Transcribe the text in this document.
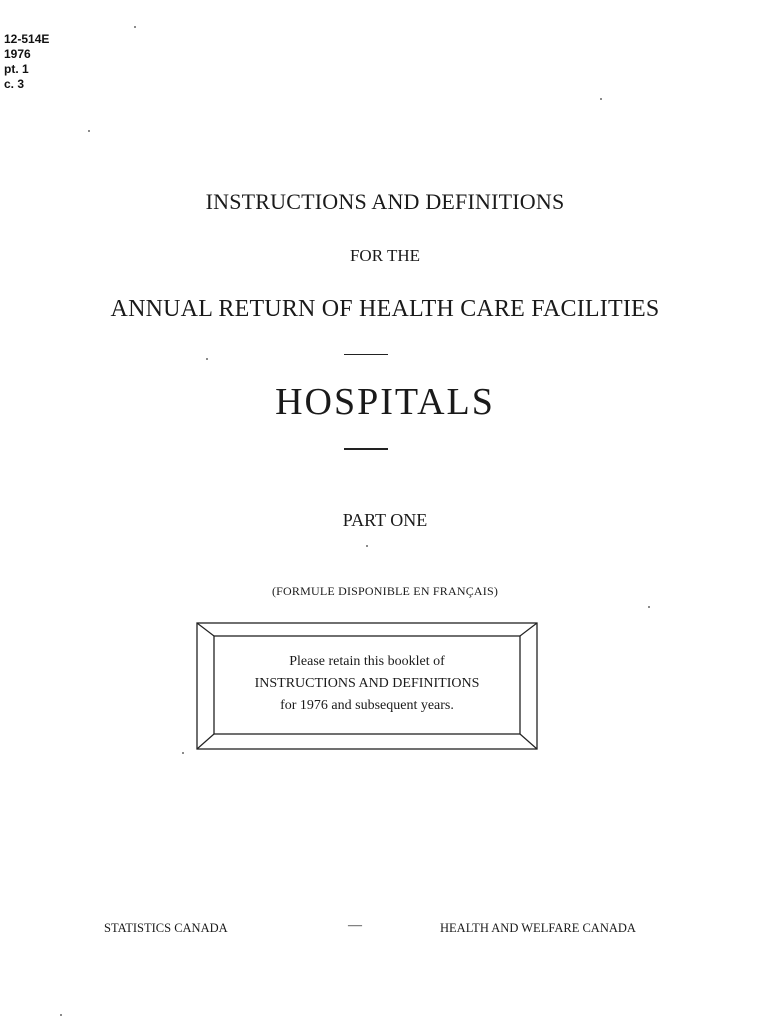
12-514E
1976
pt. 1
c. 3
INSTRUCTIONS AND DEFINITIONS
FOR THE
ANNUAL RETURN OF HEALTH CARE FACILITIES
HOSPITALS
PART ONE
(FORMULE DISPONIBLE EN FRANÇAIS)
Please retain this booklet of
INSTRUCTIONS AND DEFINITIONS
for 1976 and subsequent years.
STATISTICS CANADA	—	HEALTH AND WELFARE CANADA
